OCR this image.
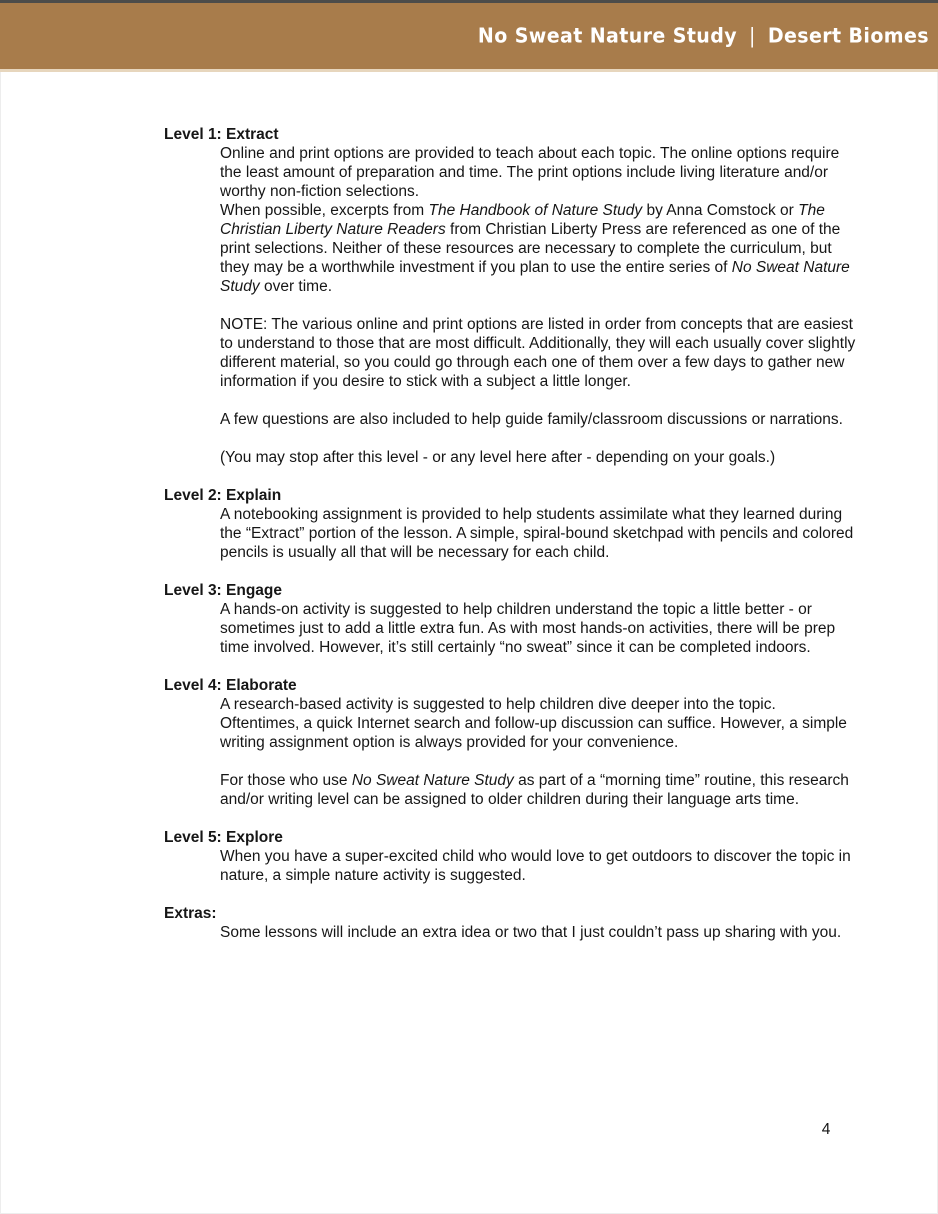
No Sweat Nature Study | Desert Biomes
Level 1: Extract

Online and print options are provided to teach about each topic. The online options require the least amount of preparation and time. The print options include living literature and/or worthy non-fiction selections.

When possible, excerpts from The Handbook of Nature Study by Anna Comstock or The Christian Liberty Nature Readers from Christian Liberty Press are referenced as one of the print selections. Neither of these resources are necessary to complete the curriculum, but they may be a worthwhile investment if you plan to use the entire series of No Sweat Nature Study over time.

NOTE: The various online and print options are listed in order from concepts that are easiest to understand to those that are most difficult. Additionally, they will each usually cover slightly different material, so you could go through each one of them over a few days to gather new information if you desire to stick with a subject a little longer.

A few questions are also included to help guide family/classroom discussions or narrations.

(You may stop after this level - or any level here after - depending on your goals.)

Level 2: Explain

A notebooking assignment is provided to help students assimilate what they learned during the “Extract” portion of the lesson. A simple, spiral-bound sketchpad with pencils and colored pencils is usually all that will be necessary for each child.

Level 3: Engage

A hands-on activity is suggested to help children understand the topic a little better - or sometimes just to add a little extra fun. As with most hands-on activities, there will be prep time involved. However, it’s still certainly “no sweat” since it can be completed indoors.

Level 4: Elaborate

A research-based activity is suggested to help children dive deeper into the topic. Oftentimes, a quick Internet search and follow-up discussion can suffice. However, a simple writing assignment option is always provided for your convenience.

For those who use No Sweat Nature Study as part of a “morning time” routine, this research and/or writing level can be assigned to older children during their language arts time.

Level 5: Explore

When you have a super-excited child who would love to get outdoors to discover the topic in nature, a simple nature activity is suggested.

Extras:

Some lessons will include an extra idea or two that I just couldn’t pass up sharing with you.

4
